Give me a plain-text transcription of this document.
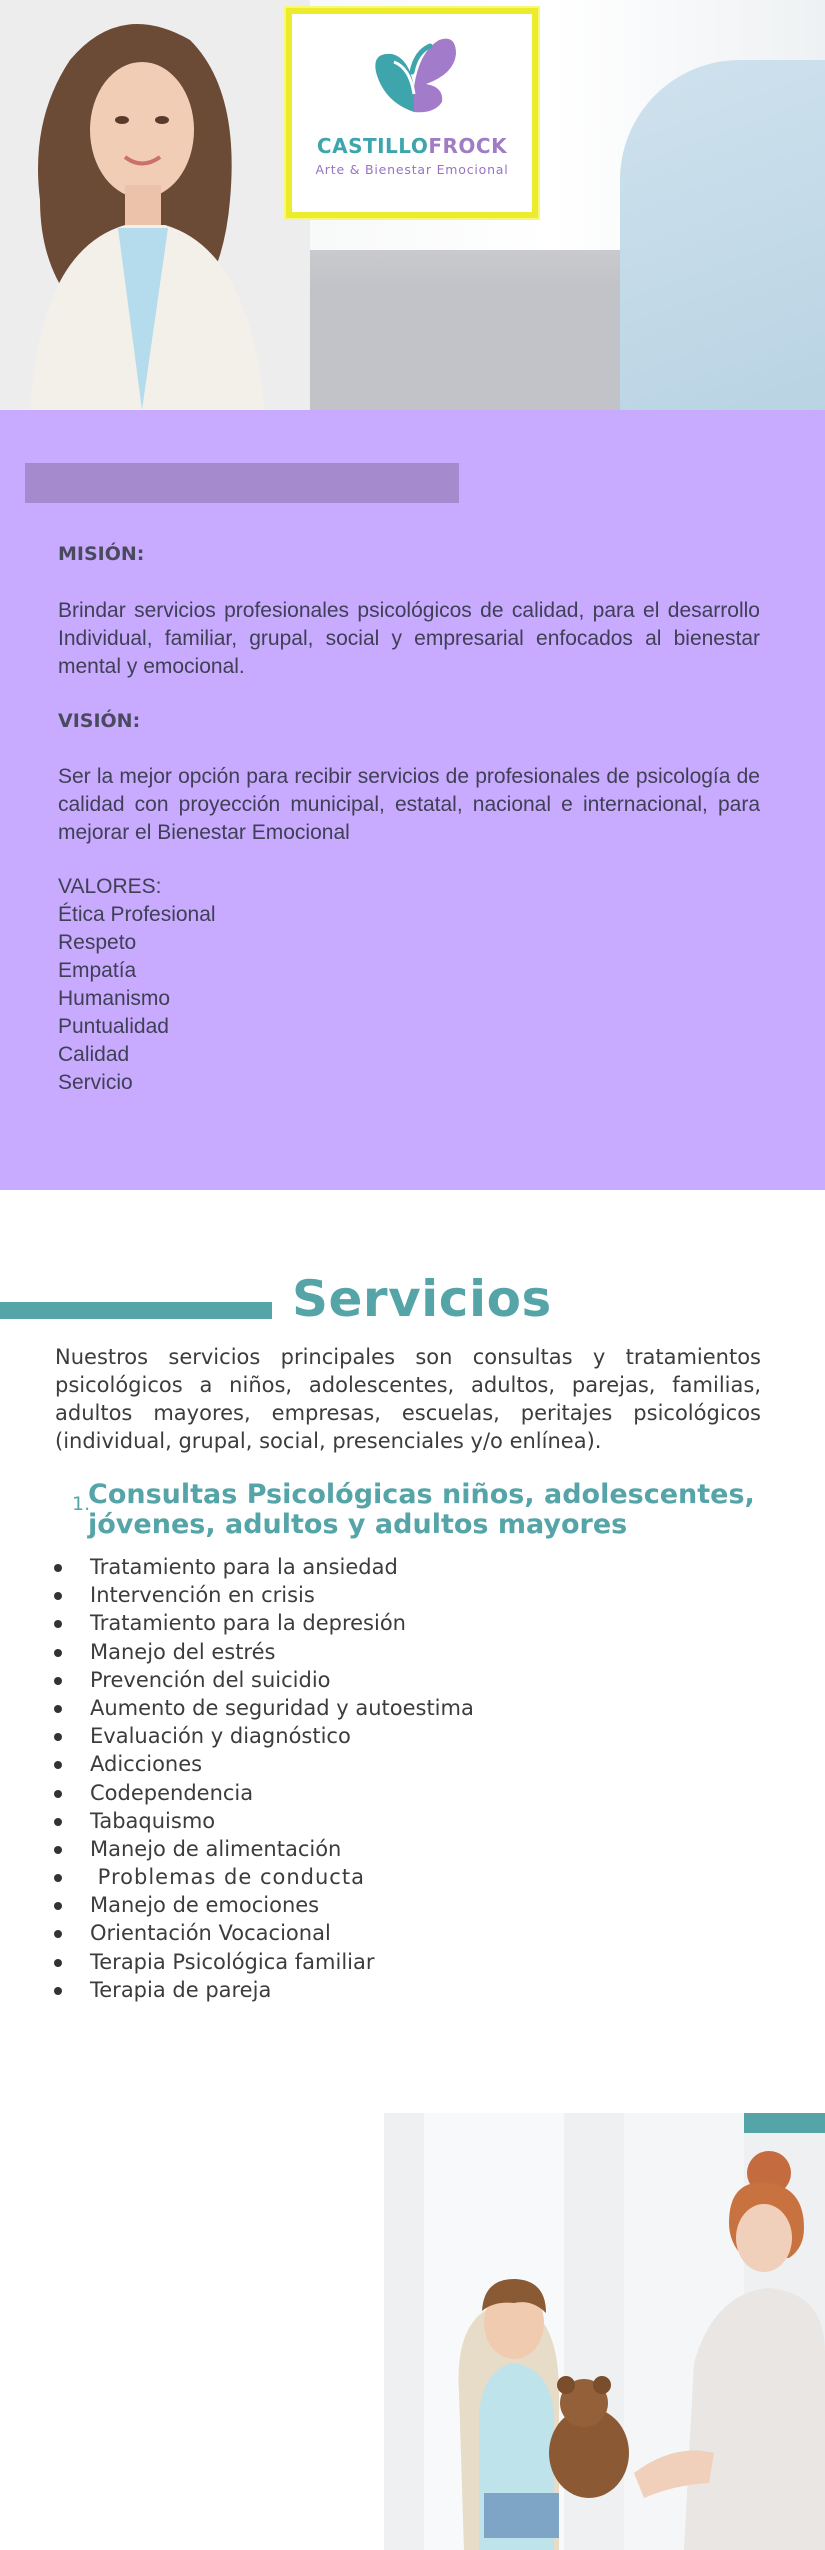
CASTILLOFROCK
Arte & Bienestar Emocional
MISIÓN:
Brindar servicios profesionales psicológicos de calidad, para el desarrollo Individual, familiar, grupal, social y empresarial enfocados al bienestar mental y emocional.
VISIÓN:
Ser la mejor opción para recibir servicios de profesionales de psicología de calidad con proyección municipal, estatal, nacional e internacional, para mejorar el Bienestar Emocional
VALORES:
Ética Profesional
Respeto
Empatía
Humanismo
Puntualidad
Calidad
Servicio
Servicios
Nuestros servicios principales son consultas y tratamientos psicológicos a niños, adolescentes, adultos, parejas, familias, adultos mayores, empresas, escuelas, peritajes psicológicos (individual, grupal, social, presenciales y/o enlínea).
1.
Consultas Psicológicas niños, adolescentes, jóvenes, adultos y adultos mayores
Tratamiento para la ansiedad
Intervención en crisis
Tratamiento para la depresión
Manejo del estrés
Prevención del suicidio
Aumento de seguridad y autoestima
Evaluación y diagnóstico
Adicciones
Codependencia
Tabaquismo
Manejo de alimentación
Problemas de conducta
Manejo de emociones
Orientación Vocacional
Terapia Psicológica familiar
Terapia de pareja
